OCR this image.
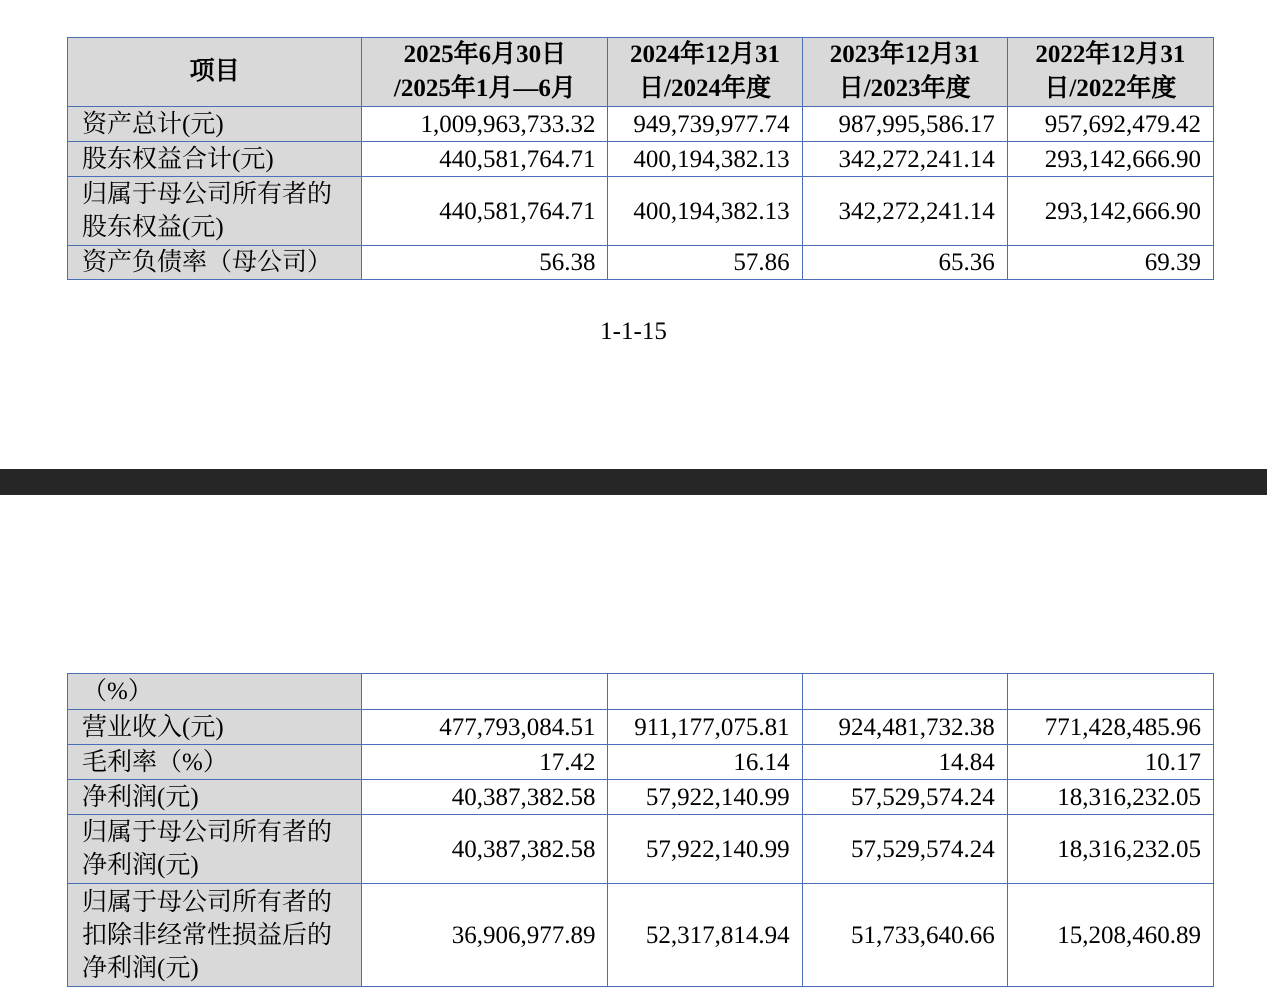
项目	2025年6月30日 /2025年1月—6月	2024年12月31 日/2024年度	2023年12月31 日/2023年度	2022年12月31 日/2022年度
资产总计(元)	1,009,963,733.32	949,739,977.74	987,995,586.17	957,692,479.42
股东权益合计(元)	440,581,764.71	400,194,382.13	342,272,241.14	293,142,666.90
归属于母公司所有者的股东权益(元)	440,581,764.71	400,194,382.13	342,272,241.14	293,142,666.90
资产负债率（母公司）	56.38	57.86	65.36	69.39
1-1-15
（%）				
营业收入(元)	477,793,084.51	911,177,075.81	924,481,732.38	771,428,485.96
毛利率（%）	17.42	16.14	14.84	10.17
净利润(元)	40,387,382.58	57,922,140.99	57,529,574.24	18,316,232.05
归属于母公司所有者的净利润(元)	40,387,382.58	57,922,140.99	57,529,574.24	18,316,232.05
归属于母公司所有者的扣除非经常性损益后的净利润(元)	36,906,977.89	52,317,814.94	51,733,640.66	15,208,460.89
